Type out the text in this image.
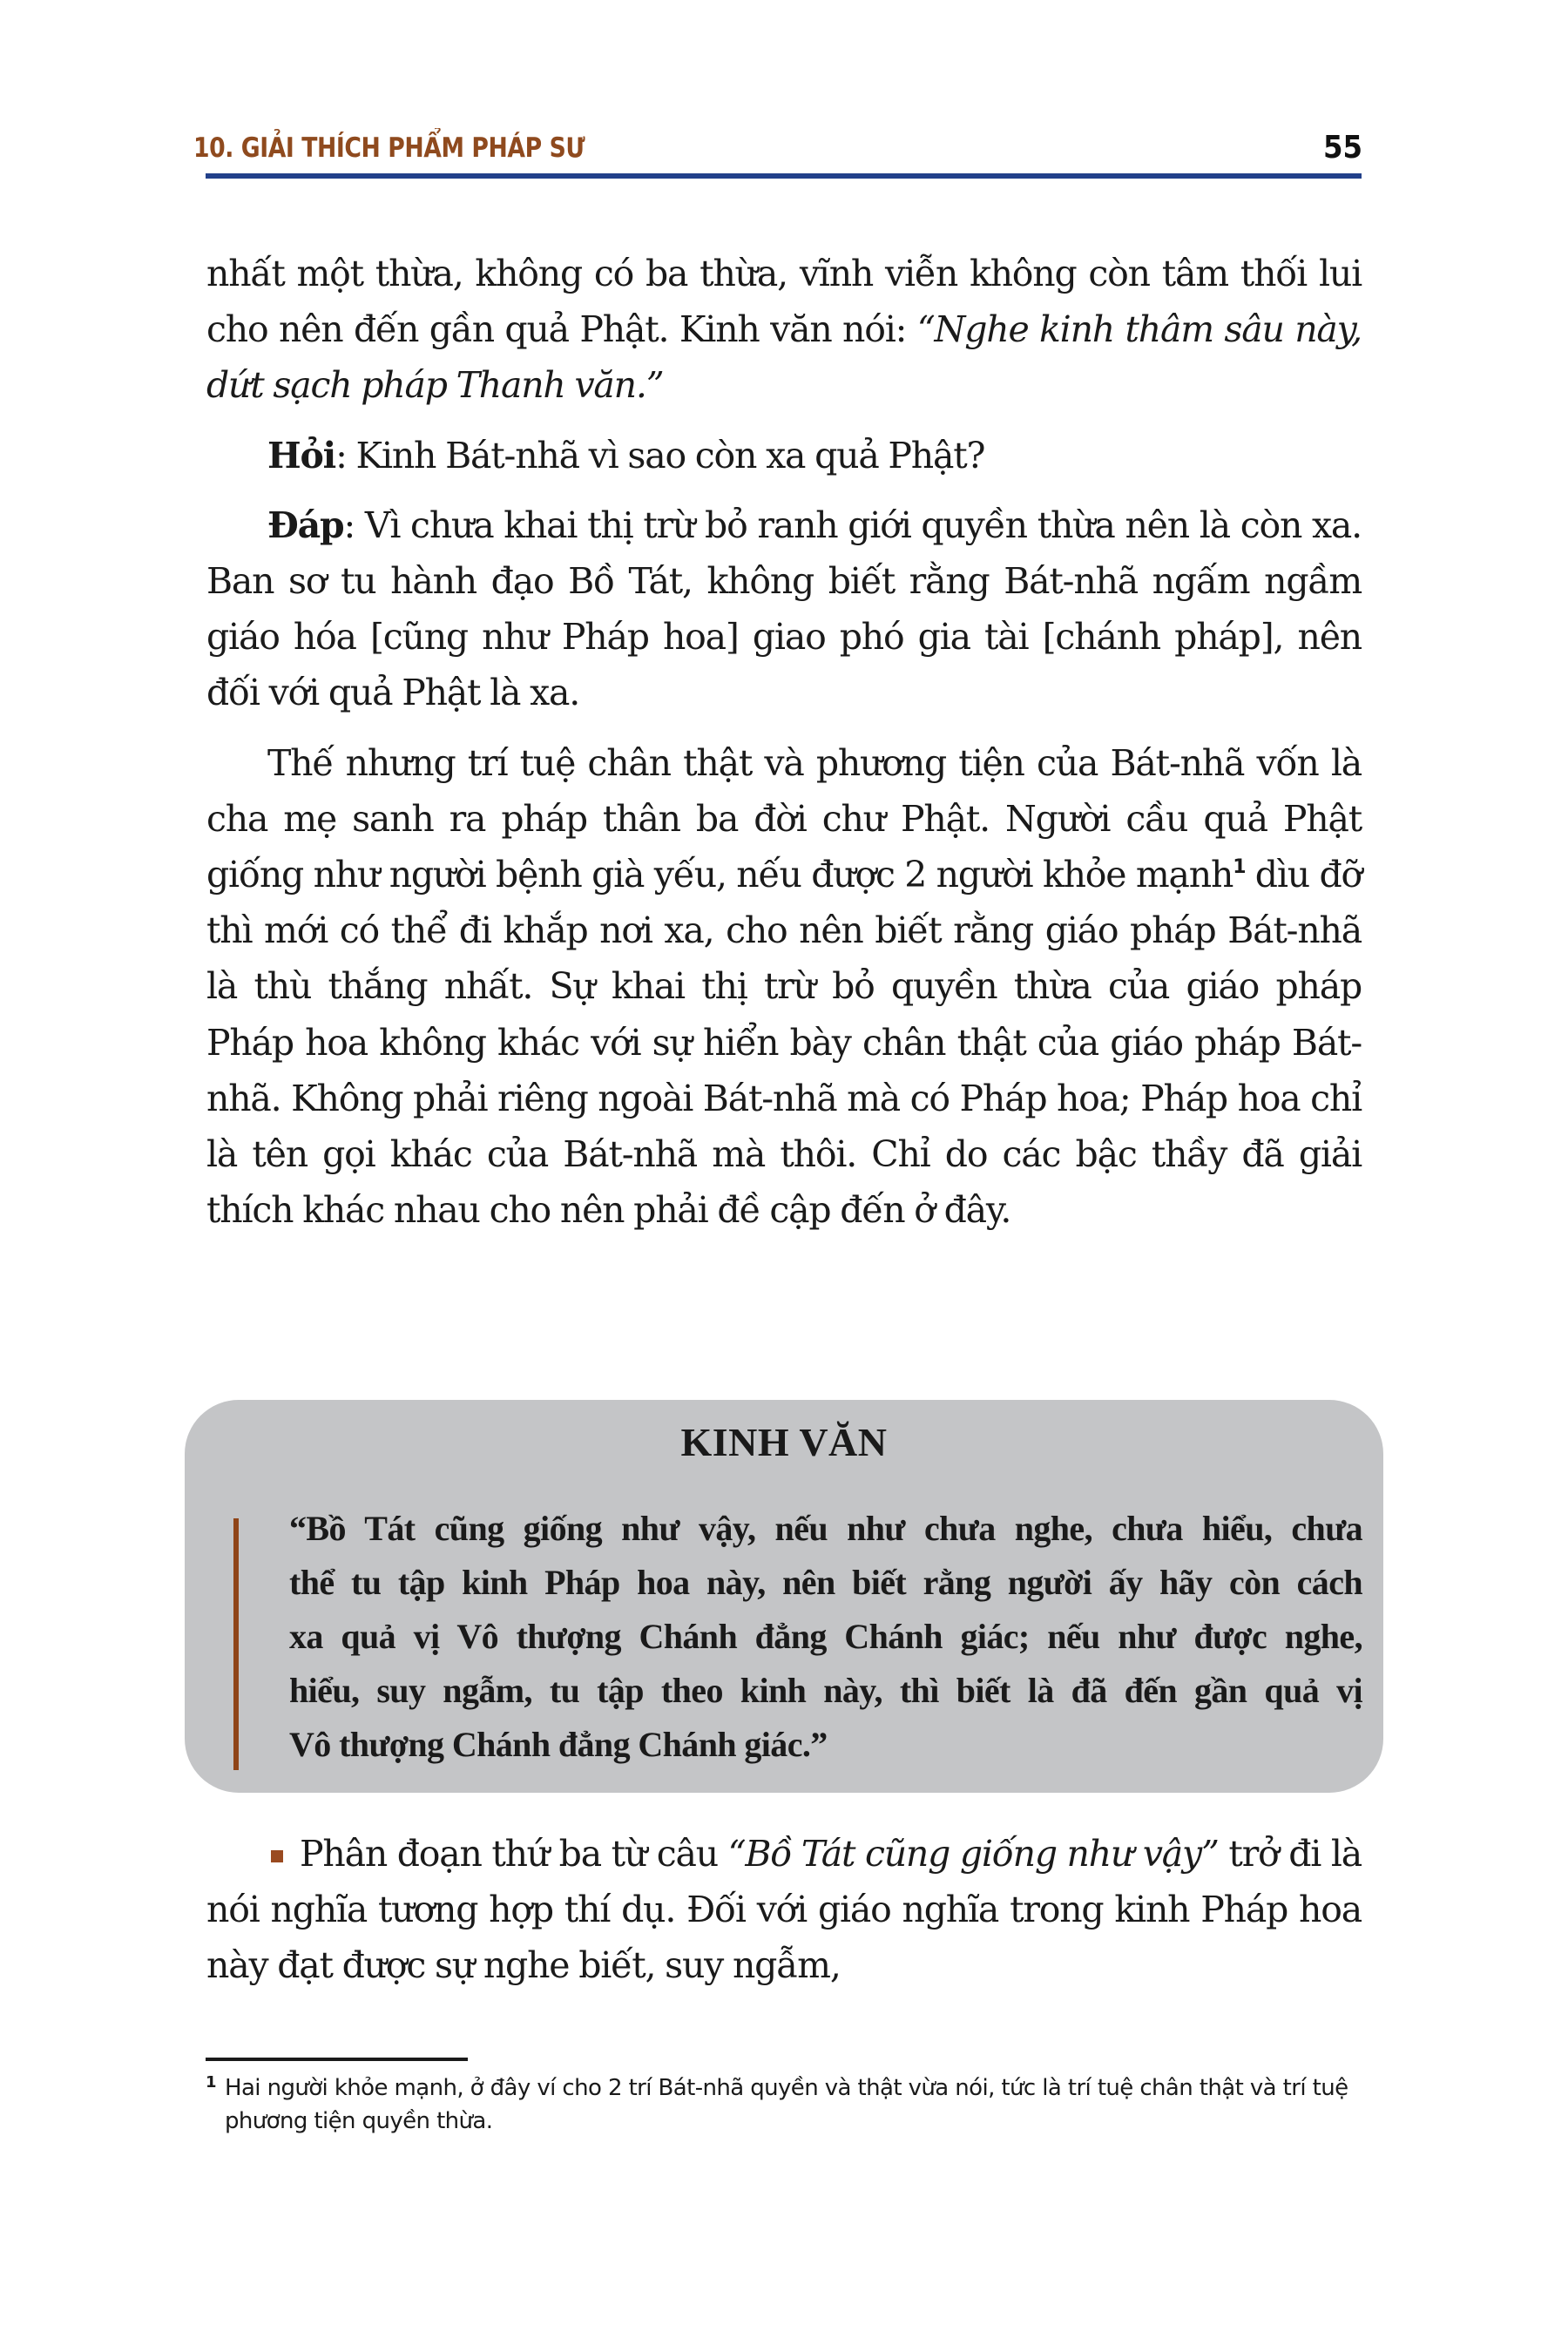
10. GIẢI THÍCH PHẨM PHÁP SƯ	55

nhất một thừa, không có ba thừa, vĩnh viễn không còn tâm thối lui cho nên đến gần quả Phật. Kinh văn nói: “Nghe kinh thâm sâu này, dứt sạch pháp Thanh văn.”

Hỏi: Kinh Bát-nhã vì sao còn xa quả Phật?

Đáp: Vì chưa khai thị trừ bỏ ranh giới quyền thừa nên là còn xa. Ban sơ tu hành đạo Bồ Tát, không biết rằng Bát-nhã ngấm ngầm giáo hóa [cũng như Pháp hoa] giao phó gia tài [chánh pháp], nên đối với quả Phật là xa.

Thế nhưng trí tuệ chân thật và phương tiện của Bát-nhã vốn là cha mẹ sanh ra pháp thân ba đời chư Phật. Người cầu quả Phật giống như người bệnh già yếu, nếu được 2 người khỏe mạnh$^1$ dìu đỡ thì mới có thể đi khắp nơi xa, cho nên biết rằng giáo pháp Bát-nhã là thù thắng nhất. Sự khai thị trừ bỏ quyền thừa của giáo pháp Pháp hoa không khác với sự hiển bày chân thật của giáo pháp Bát-nhã. Không phải riêng ngoài Bát-nhã mà có Pháp hoa; Pháp hoa chỉ là tên gọi khác của Bát-nhã mà thôi. Chỉ do các bậc thầy đã giải thích khác nhau cho nên phải đề cập đến ở đây.

KINH VĂN
“Bồ Tát cũng giống như vậy, nếu như chưa nghe, chưa hiểu, chưa
thể tu tập kinh Pháp hoa này, nên biết rằng người ấy hãy còn cách
xa quả vị Vô thượng Chánh đẳng Chánh giác; nếu như được nghe,
hiểu, suy ngẫm, tu tập theo kinh này, thì biết là đã đến gần quả vị
Vô thượng Chánh đẳng Chánh giác.”

Phân đoạn thứ ba từ câu “Bồ Tát cũng giống như vậy” trở đi là nói nghĩa tương hợp thí dụ. Đối với giáo nghĩa trong kinh Pháp hoa này đạt được sự nghe biết, suy ngẫm,

1 Hai người khỏe mạnh, ở đây ví cho 2 trí Bát-nhã quyền và thật vừa nói, tức là trí tuệ chân thật và trí tuệ phương tiện quyền thừa.
